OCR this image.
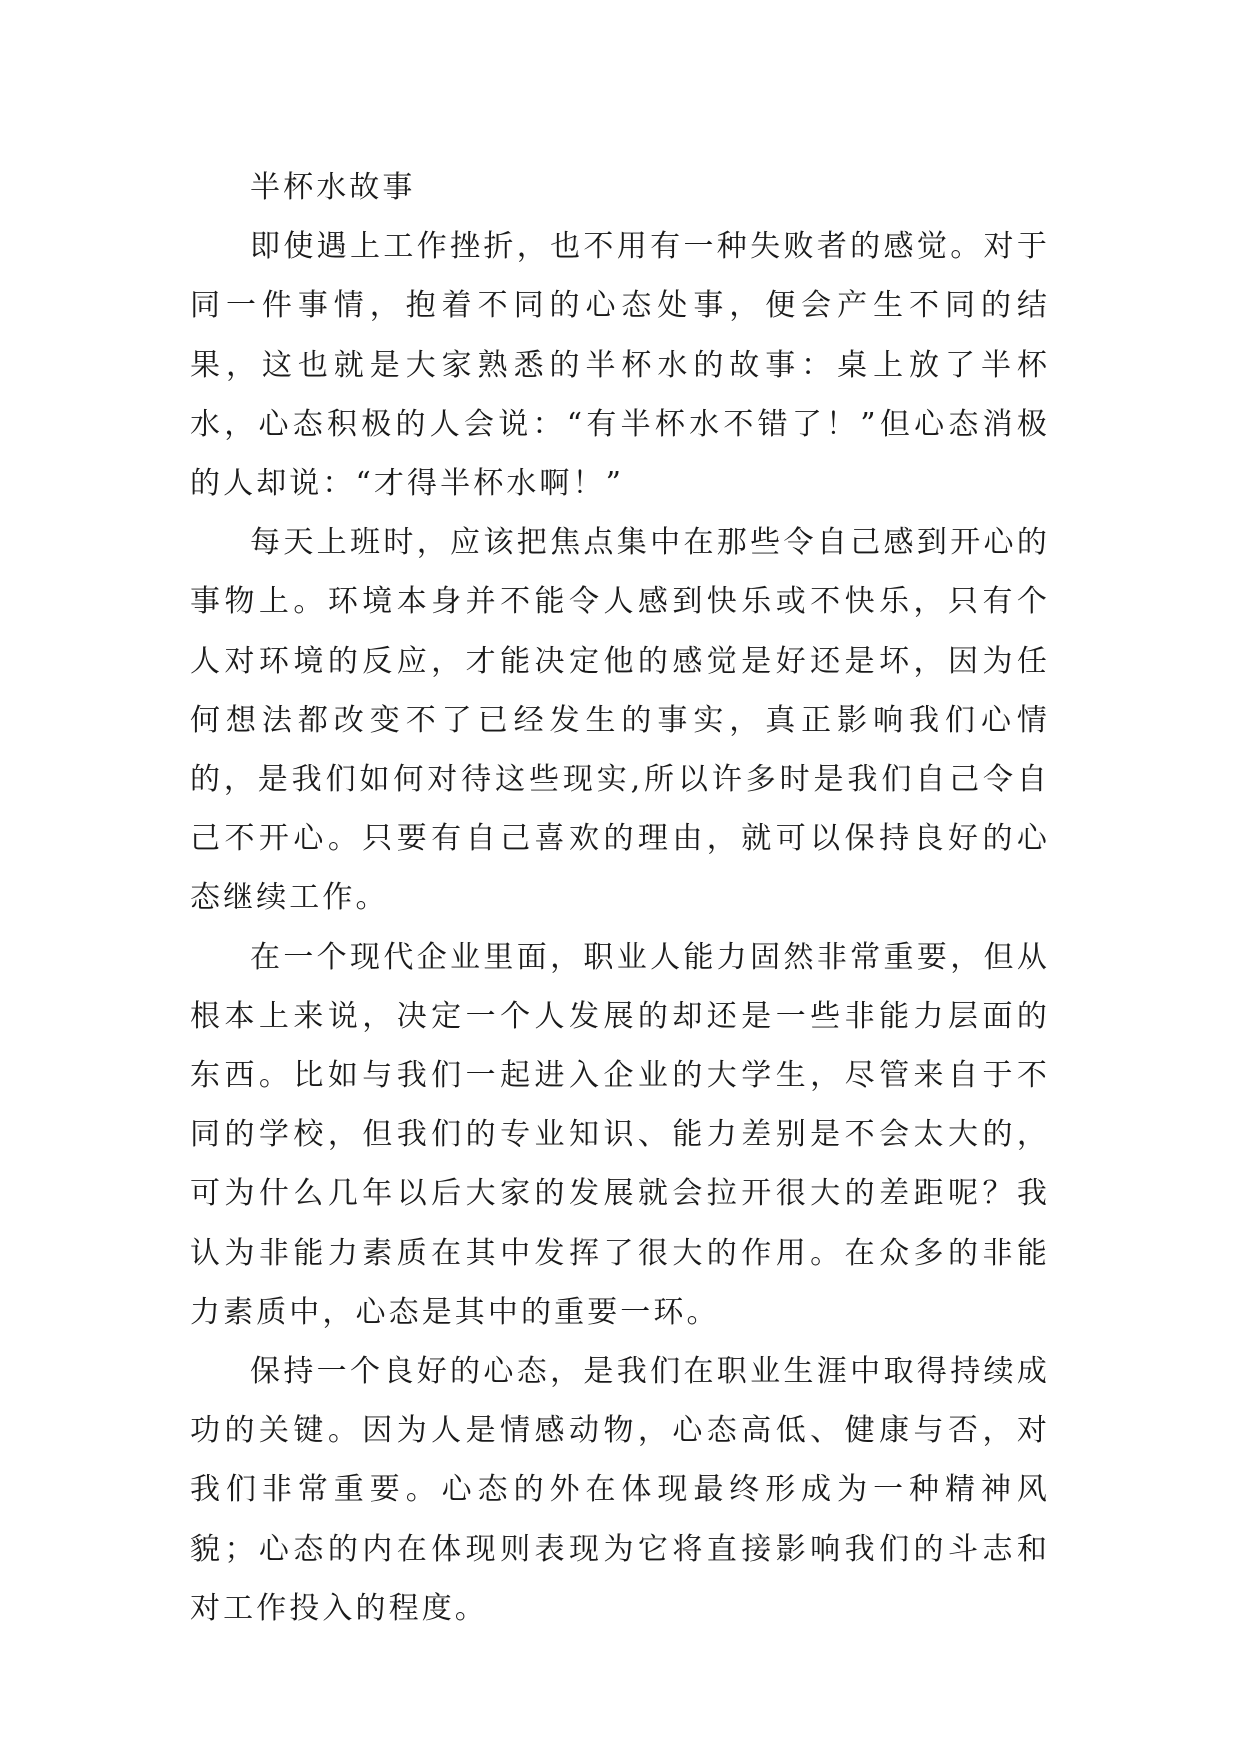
半杯水故事

即使遇上工作挫折，也不用有一种失败者的感觉。对于同一件事情，抱着不同的心态处事，便会产生不同的结果，这也就是大家熟悉的半杯水的故事：桌上放了半杯水，心态积极的人会说：“有半杯水不错了！”但心态消极的人却说：“才得半杯水啊！”

每天上班时，应该把焦点集中在那些令自己感到开心的事物上。环境本身并不能令人感到快乐或不快乐，只有个人对环境的反应，才能决定他的感觉是好还是坏，因为任何想法都改变不了已经发生的事实，真正影响我们心情的，是我们如何对待这些现实,所以许多时是我们自己令自己不开心。只要有自己喜欢的理由，就可以保持良好的心态继续工作。

在一个现代企业里面，职业人能力固然非常重要，但从根本上来说，决定一个人发展的却还是一些非能力层面的东西。比如与我们一起进入企业的大学生，尽管来自于不同的学校，但我们的专业知识、能力差别是不会太大的，可为什么几年以后大家的发展就会拉开很大的差距呢？我认为非能力素质在其中发挥了很大的作用。在众多的非能力素质中，心态是其中的重要一环。

保持一个良好的心态，是我们在职业生涯中取得持续成功的关键。因为人是情感动物，心态高低、健康与否，对我们非常重要。心态的外在体现最终形成为一种精神风貌；心态的内在体现则表现为它将直接影响我们的斗志和对工作投入的程度。
